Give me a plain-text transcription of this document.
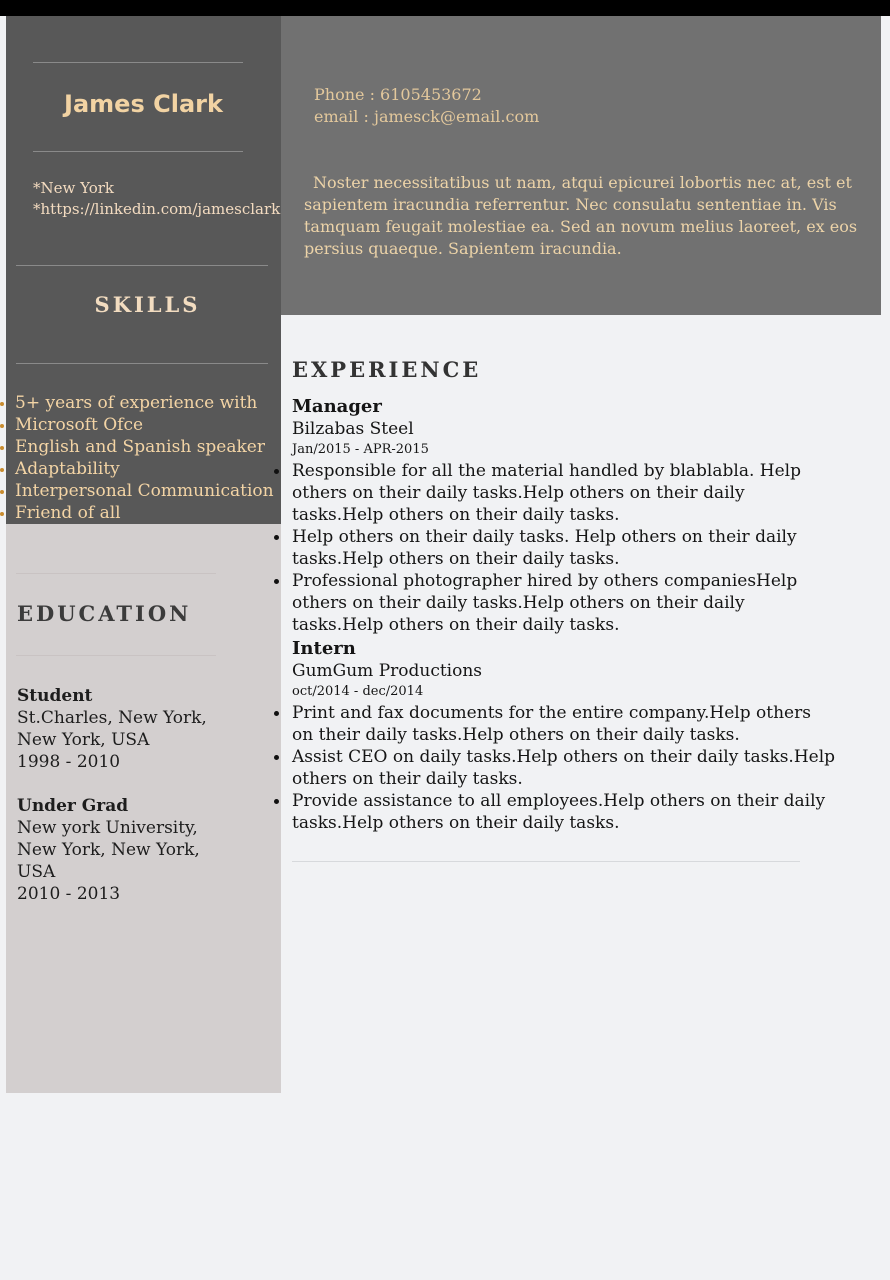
James Clark
*New York
*https://linkedin.com/jamesclark
SKILLS
5+ years of experience with
Microsoft Ofce
English and Spanish speaker
Adaptability
Interpersonal Communication
Friend of all
EDUCATION
Student
St.Charles, New York,
New York, USA
1998 - 2010
Under Grad
New york University,
New York, New York,
USA
2010 - 2013
Phone : 6105453672
email : jamesck@email.com
Noster necessitatibus ut nam, atqui epicurei lobortis nec at, est et sapientem iracundia referrentur. Nec consulatu sententiae in. Vis tamquam feugait molestiae ea. Sed an novum melius laoreet, ex eos persius quaeque. Sapientem iracundia.
EXPERIENCE
Manager
Bilzabas Steel
Jan/2015 - APR-2015
Responsible for all the material handled by blablabla. Help others on their daily tasks.Help others on their daily tasks.Help others on their daily tasks.
Help others on their daily tasks. Help others on their daily tasks.Help others on their daily tasks.
Professional photographer hired by others companiesHelp others on their daily tasks.Help others on their daily tasks.Help others on their daily tasks.
Intern
GumGum Productions
oct/2014 - dec/2014
Print and fax documents for the entire company.Help others on their daily tasks.Help others on their daily tasks.
Assist CEO on daily tasks.Help others on their daily tasks.Help others on their daily tasks.
Provide assistance to all employees.Help others on their daily tasks.Help others on their daily tasks.
